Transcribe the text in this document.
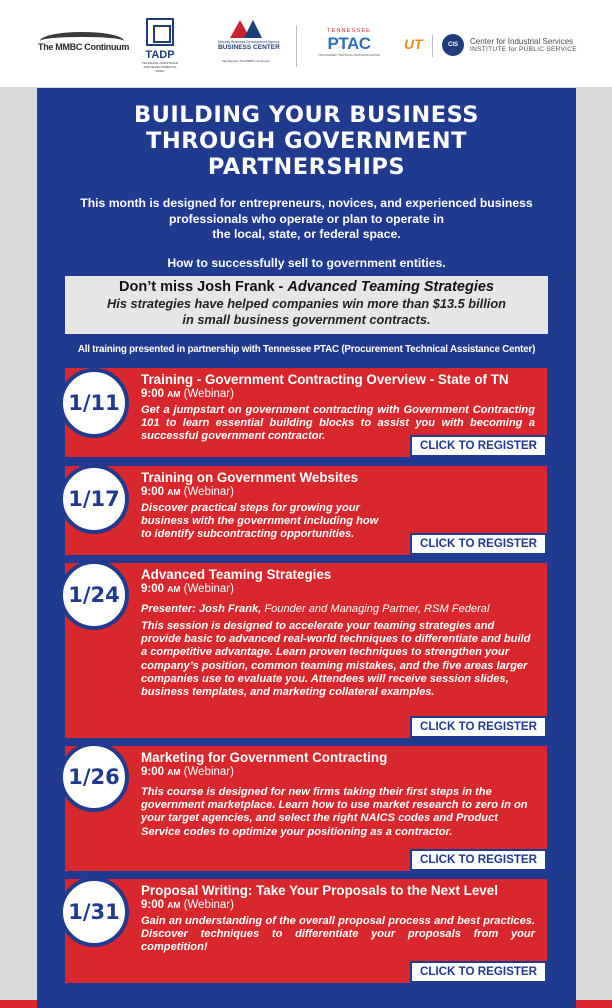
The MMBC Continuum
TADP
TECHNICAL ASSISTANCE AND DEVELOPMENTAL PROG
Minority Business Development Agency
BUSINESS CENTER
Operated by The MMBC Continuum
TENNESSEE
PTAC
PROCUREMENT TECHNICAL ASSISTANCE CENTER
UT	CIS	Center for Industrial Services
INSTITUTE for PUBLIC SERVICE
BUILDING YOUR BUSINESS
THROUGH GOVERNMENT
PARTNERSHIPS
This month is designed for entrepreneurs, novices, and experienced business
professionals who operate or plan to operate in
the local, state, or federal space.
How to successfully sell to government entities.
Don’t miss Josh Frank - Advanced Teaming Strategies
His strategies have helped companies win more than $13.5 billion
in small business government contracts.
All training presented in partnership with Tennessee PTAC (Procurement Technical Assistance Center)
Training - Government Contracting Overview - State of TN
9:00 AM (Webinar)
Get a jumpstart on government contracting with Government Contracting 101 to learn essential building blocks to assist you with becoming a successful government contractor.
CLICK TO REGISTER
1/11
Training on Government Websites
9:00 AM (Webinar)
Discover practical steps for growing your
business with the government including how
to identify subcontracting opportunities.
CLICK TO REGISTER
1/17
Advanced Teaming Strategies
9:00 AM (Webinar)
Presenter: Josh Frank, Founder and Managing Partner, RSM Federal
This session is designed to accelerate your teaming strategies and provide basic to advanced real-world techniques to differentiate and build a competitive advantage. Learn proven techniques to strengthen your company’s position, common teaming mistakes, and the five areas larger companies use to evaluate you. Attendees will receive session slides, business templates, and marketing collateral examples.
CLICK TO REGISTER
1/24
Marketing for Government Contracting
9:00 AM (Webinar)
This course is designed for new firms taking their first steps in the government marketplace. Learn how to use market research to zero in on your target agencies, and select the right NAICS codes and Product Service codes to optimize your positioning as a contractor.
CLICK TO REGISTER
1/26
Proposal Writing: Take Your Proposals to the Next Level
9:00 AM (Webinar)
Gain an understanding of the overall proposal process and best practices. Discover techniques to differentiate your proposals from your competition!
CLICK TO REGISTER
1/31
